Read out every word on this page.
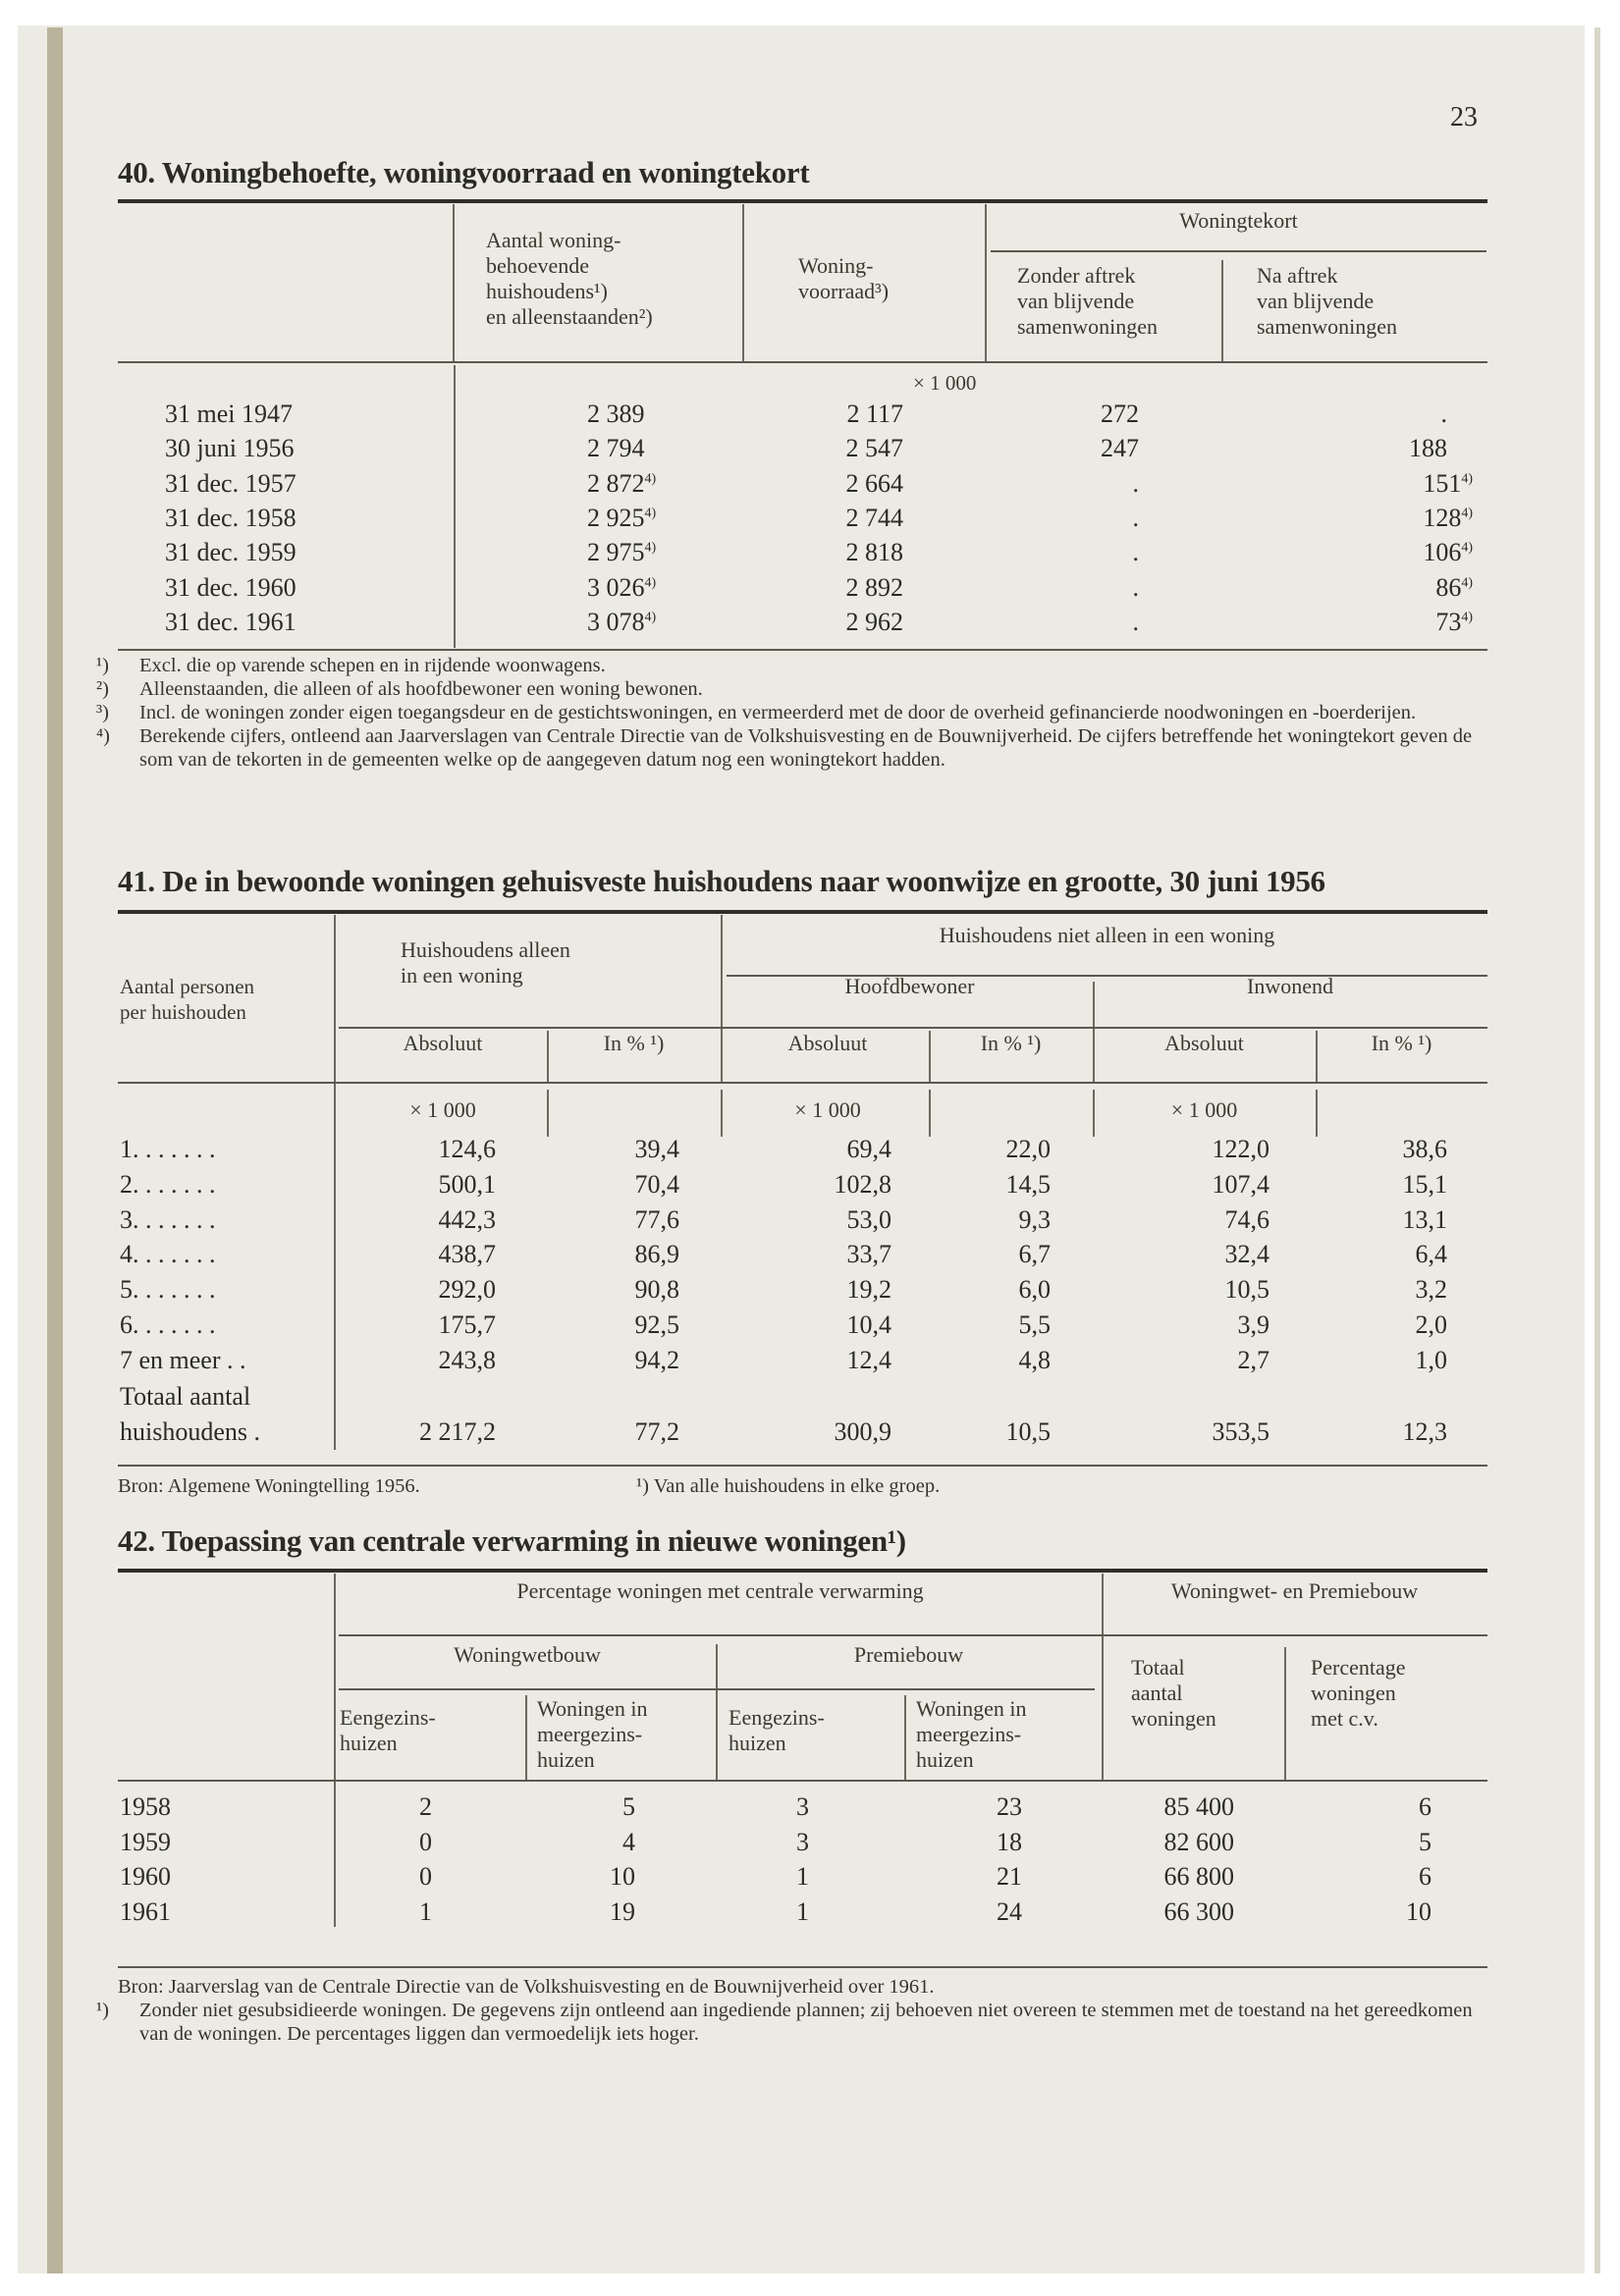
23
40. Woningbehoefte, woningvoorraad en woningtekort
Aantal woning-
behoevende
huishoudens¹)
en alleenstaanden²)
Woning-
voorraad³)
Woningtekort
Zonder aftrek
van blijvende
samenwoningen
Na aftrek
van blijvende
samenwoningen
× 1 000
31 mei 1947	2 389	2 117	272	.
30 juni 1956	2 794	2 547	247	188
31 dec. 1957	2 872$^{4)}$	2 664	.	151$^{4)}$
31 dec. 1958	2 925$^{4)}$	2 744	.	128$^{4)}$
31 dec. 1959	2 975$^{4)}$	2 818	.	106$^{4)}$
31 dec. 1960	3 026$^{4)}$	2 892	.	86$^{4)}$
31 dec. 1961	3 078$^{4)}$	2 962	.	73$^{4)}$
¹) Excl. die op varende schepen en in rijdende woonwagens.
²) Alleenstaanden, die alleen of als hoofdbewoner een woning bewonen.
³) Incl. de woningen zonder eigen toegangsdeur en de gestichtswoningen, en vermeerderd met de door de overheid gefinancierde noodwoningen en -boerderijen.
⁴) Berekende cijfers, ontleend aan Jaarverslagen van Centrale Directie van de Volkshuisvesting en de Bouwnijverheid. De cijfers betreffende het woningtekort geven de som van de tekorten in de gemeenten welke op de aangegeven datum nog een woningtekort hadden.
41. De in bewoonde woningen gehuisveste huishoudens naar woonwijze en grootte, 30 juni 1956
Aantal personen
per huishouden
Huishoudens alleen
in een woning
Huishoudens niet alleen in een woning
Hoofdbewoner	Inwonend
Absoluut	In % ¹)	Absoluut	In % ¹)	Absoluut	In % ¹)
× 1 000	× 1 000	× 1 000
1. . . . . . .	124,6	39,4	69,4	22,0	122,0	38,6
2. . . . . . .	500,1	70,4	102,8	14,5	107,4	15,1
3. . . . . . .	442,3	77,6	53,0	9,3	74,6	13,1
4. . . . . . .	438,7	86,9	33,7	6,7	32,4	6,4
5. . . . . . .	292,0	90,8	19,2	6,0	10,5	3,2
6. . . . . . .	175,7	92,5	10,4	5,5	3,9	2,0
7 en meer . .	243,8	94,2	12,4	4,8	2,7	1,0
Totaal aantal
huishoudens .	2 217,2	77,2	300,9	10,5	353,5	12,3
Bron: Algemene Woningtelling 1956.	¹) Van alle huishoudens in elke groep.
42. Toepassing van centrale verwarming in nieuwe woningen¹)
Percentage woningen met centrale verwarming	Woningwet- en Premiebouw
Woningwetbouw	Premiebouw
Eengezins-
huizen
Woningen in
meergezins-
huizen
Eengezins-
huizen
Woningen in
meergezins-
huizen
Totaal
aantal
woningen
Percentage
woningen
met c.v.
1958	2	5	3	23	85 400	6
1959	0	4	3	18	82 600	5
1960	0	10	1	21	66 800	6
1961	1	19	1	24	66 300	10
Bron: Jaarverslag van de Centrale Directie van de Volkshuisvesting en de Bouwnijverheid over 1961.
¹) Zonder niet gesubsidieerde woningen. De gegevens zijn ontleend aan ingediende plannen; zij behoeven niet overeen te stemmen met de toestand na het gereedkomen van de woningen. De percentages liggen dan vermoedelijk iets hoger.
